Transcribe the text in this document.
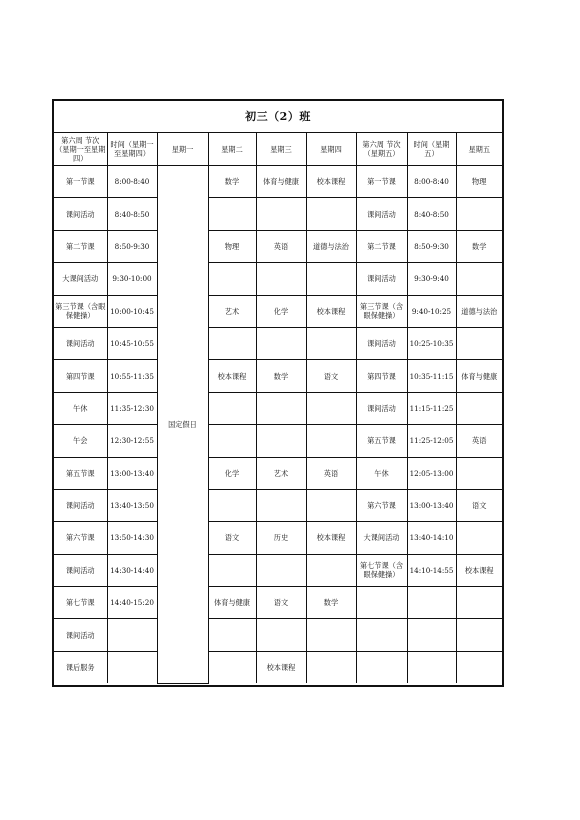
初三（2）班
第六周 节次（星期一至星期四）	时间（星期一至星期四）	星期一	星期二	星期三	星期四	第六周 节次（星期五）	时间（星期五）	星期五
第一节课	8:00-8:40	国定假日	数学	体育与健康	校本课程	第一节课	8:00-8:40	物理
课间活动	8:40-8:50					课间活动	8:40-8:50	
第二节课	8:50-9:30		物理	英语	道德与法治	第二节课	8:50-9:30	数学
大课间活动	9:30-10:00					课间活动	9:30-9:40	
第三节课（含眼保健操）	10:00-10:45		艺术	化学	校本课程	第三节课（含眼保健操）	9:40-10:25	道德与法治
课间活动	10:45-10:55					课间活动	10:25-10:35	
第四节课	10:55-11:35		校本课程	数学	语文	第四节课	10:35-11:15	体育与健康
午休	11:35-12:30					课间活动	11:15-11:25	
午会	12:30-12:55					第五节课	11:25-12:05	英语
第五节课	13:00-13:40		化学	艺术	英语	午休	12:05-13:00	
课间活动	13:40-13:50					第六节课	13:00-13:40	语文
第六节课	13:50-14:30		语文	历史	校本课程	大课间活动	13:40-14:10	
课间活动	14:30-14:40					第七节课（含眼保健操）	14:10-14:55	校本课程
第七节课	14:40-15:20		体育与健康	语文	数学			
课间活动								
课后服务				校本课程				
